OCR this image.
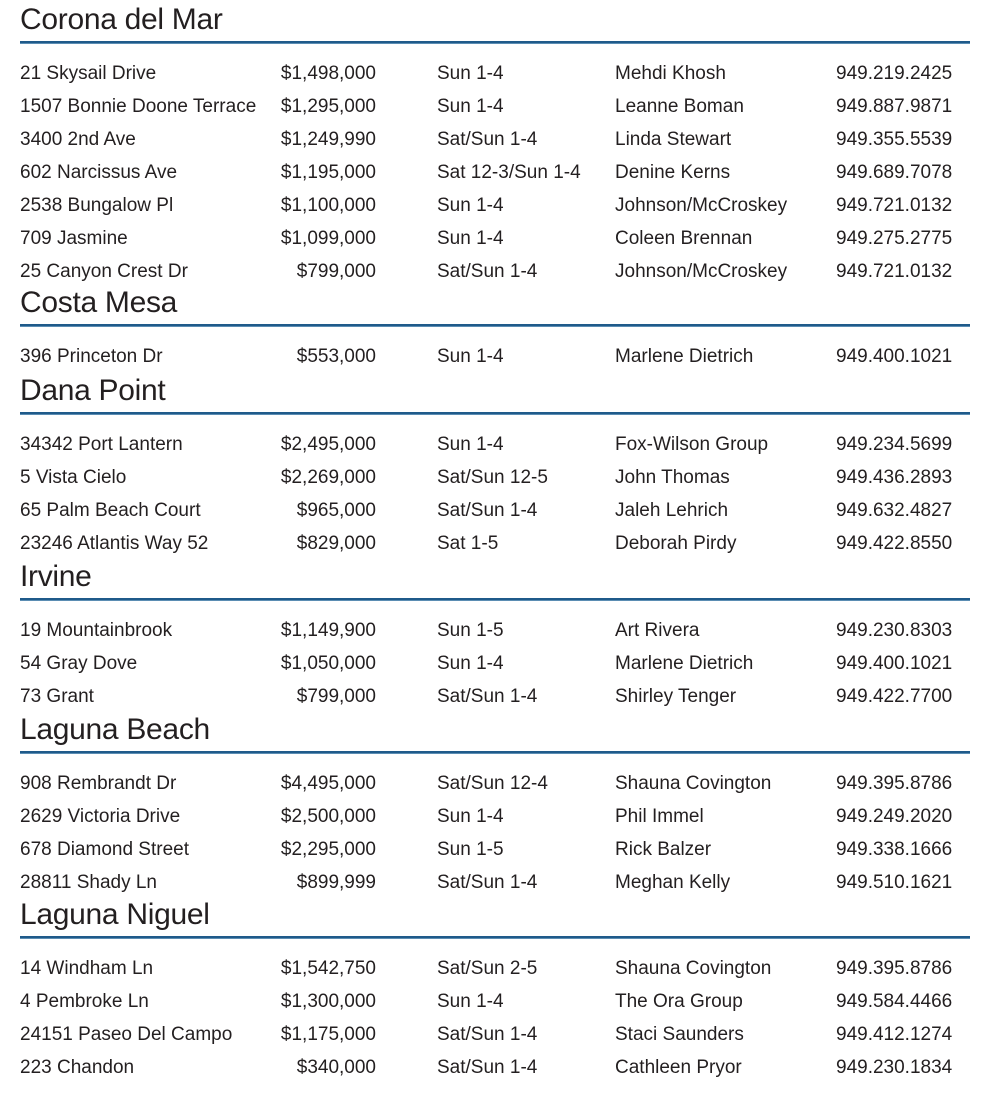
Corona del Mar
21 Skysail Drive	$1,498,000	Sun 1-4	Mehdi Khosh	949.219.2425
1507 Bonnie Doone Terrace $1,295,000	Sun 1-4	Leanne Boman	949.887.9871
3400 2nd Ave	$1,249,990	Sat/Sun 1-4	Linda Stewart	949.355.5539
602 Narcissus Ave	$1,195,000	Sat 12-3/Sun 1-4 Denine Kerns	949.689.7078
2538 Bungalow Pl	$1,100,000	Sun 1-4	Johnson/McCroskey	949.721.0132
709 Jasmine	$1,099,000	Sun 1-4	Coleen Brennan	949.275.2775
25 Canyon Crest Dr	$799,000	Sat/Sun 1-4	Johnson/McCroskey	949.721.0132
Costa Mesa
396 Princeton Dr	$553,000	Sun 1-4	Marlene Dietrich	949.400.1021
Dana Point
34342 Port Lantern	$2,495,000	Sun 1-4	Fox-Wilson Group	949.234.5699
5 Vista Cielo	$2,269,000	Sat/Sun 12-5	John Thomas	949.436.2893
65 Palm Beach Court	$965,000	Sat/Sun 1-4	Jaleh Lehrich	949.632.4827
23246 Atlantis Way 52	$829,000	Sat 1-5	Deborah Pirdy	949.422.8550
Irvine
19 Mountainbrook	$1,149,900	Sun 1-5	Art Rivera	949.230.8303
54 Gray Dove	$1,050,000	Sun 1-4	Marlene Dietrich	949.400.1021
73 Grant	$799,000	Sat/Sun 1-4	Shirley Tenger	949.422.7700
Laguna Beach
908 Rembrandt Dr	$4,495,000	Sat/Sun 12-4	Shauna Covington	949.395.8786
2629 Victoria Drive	$2,500,000	Sun 1-4	Phil Immel	949.249.2020
678 Diamond Street	$2,295,000	Sun 1-5	Rick Balzer	949.338.1666
28811 Shady Ln	$899,999	Sat/Sun 1-4	Meghan Kelly	949.510.1621
Laguna Niguel
14 Windham Ln	$1,542,750	Sat/Sun 2-5	Shauna Covington	949.395.8786
4 Pembroke Ln	$1,300,000	Sun 1-4	The Ora Group	949.584.4466
24151 Paseo Del Campo	$1,175,000	Sat/Sun 1-4	Staci Saunders	949.412.1274
223 Chandon	$340,000	Sat/Sun 1-4	Cathleen Pryor	949.230.1834
